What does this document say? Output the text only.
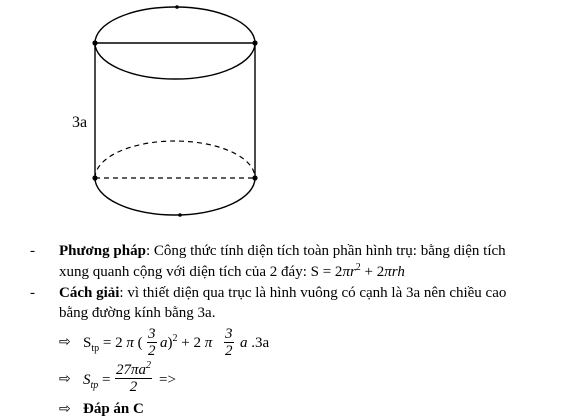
3a
- Phương pháp: Công thức tính diện tích toàn phần hình trụ: bằng diện tích
xung quanh cộng với diện tích của 2 đáy: $S = 2\pi r^2 + 2\pi rh$
- Cách giải: vì thiết diện qua trục là hình vuông có cạnh là 3a nên chiều cao
bằng đường kính bằng 3a.
⇨ $S_{tp} = 2$ π (
3
2 a)$^2$ + 2 π
3
2 a .3a
⇨ $S_{tp}$ =
$27\pi a^2$
2 =>
⇨ Đáp án C
